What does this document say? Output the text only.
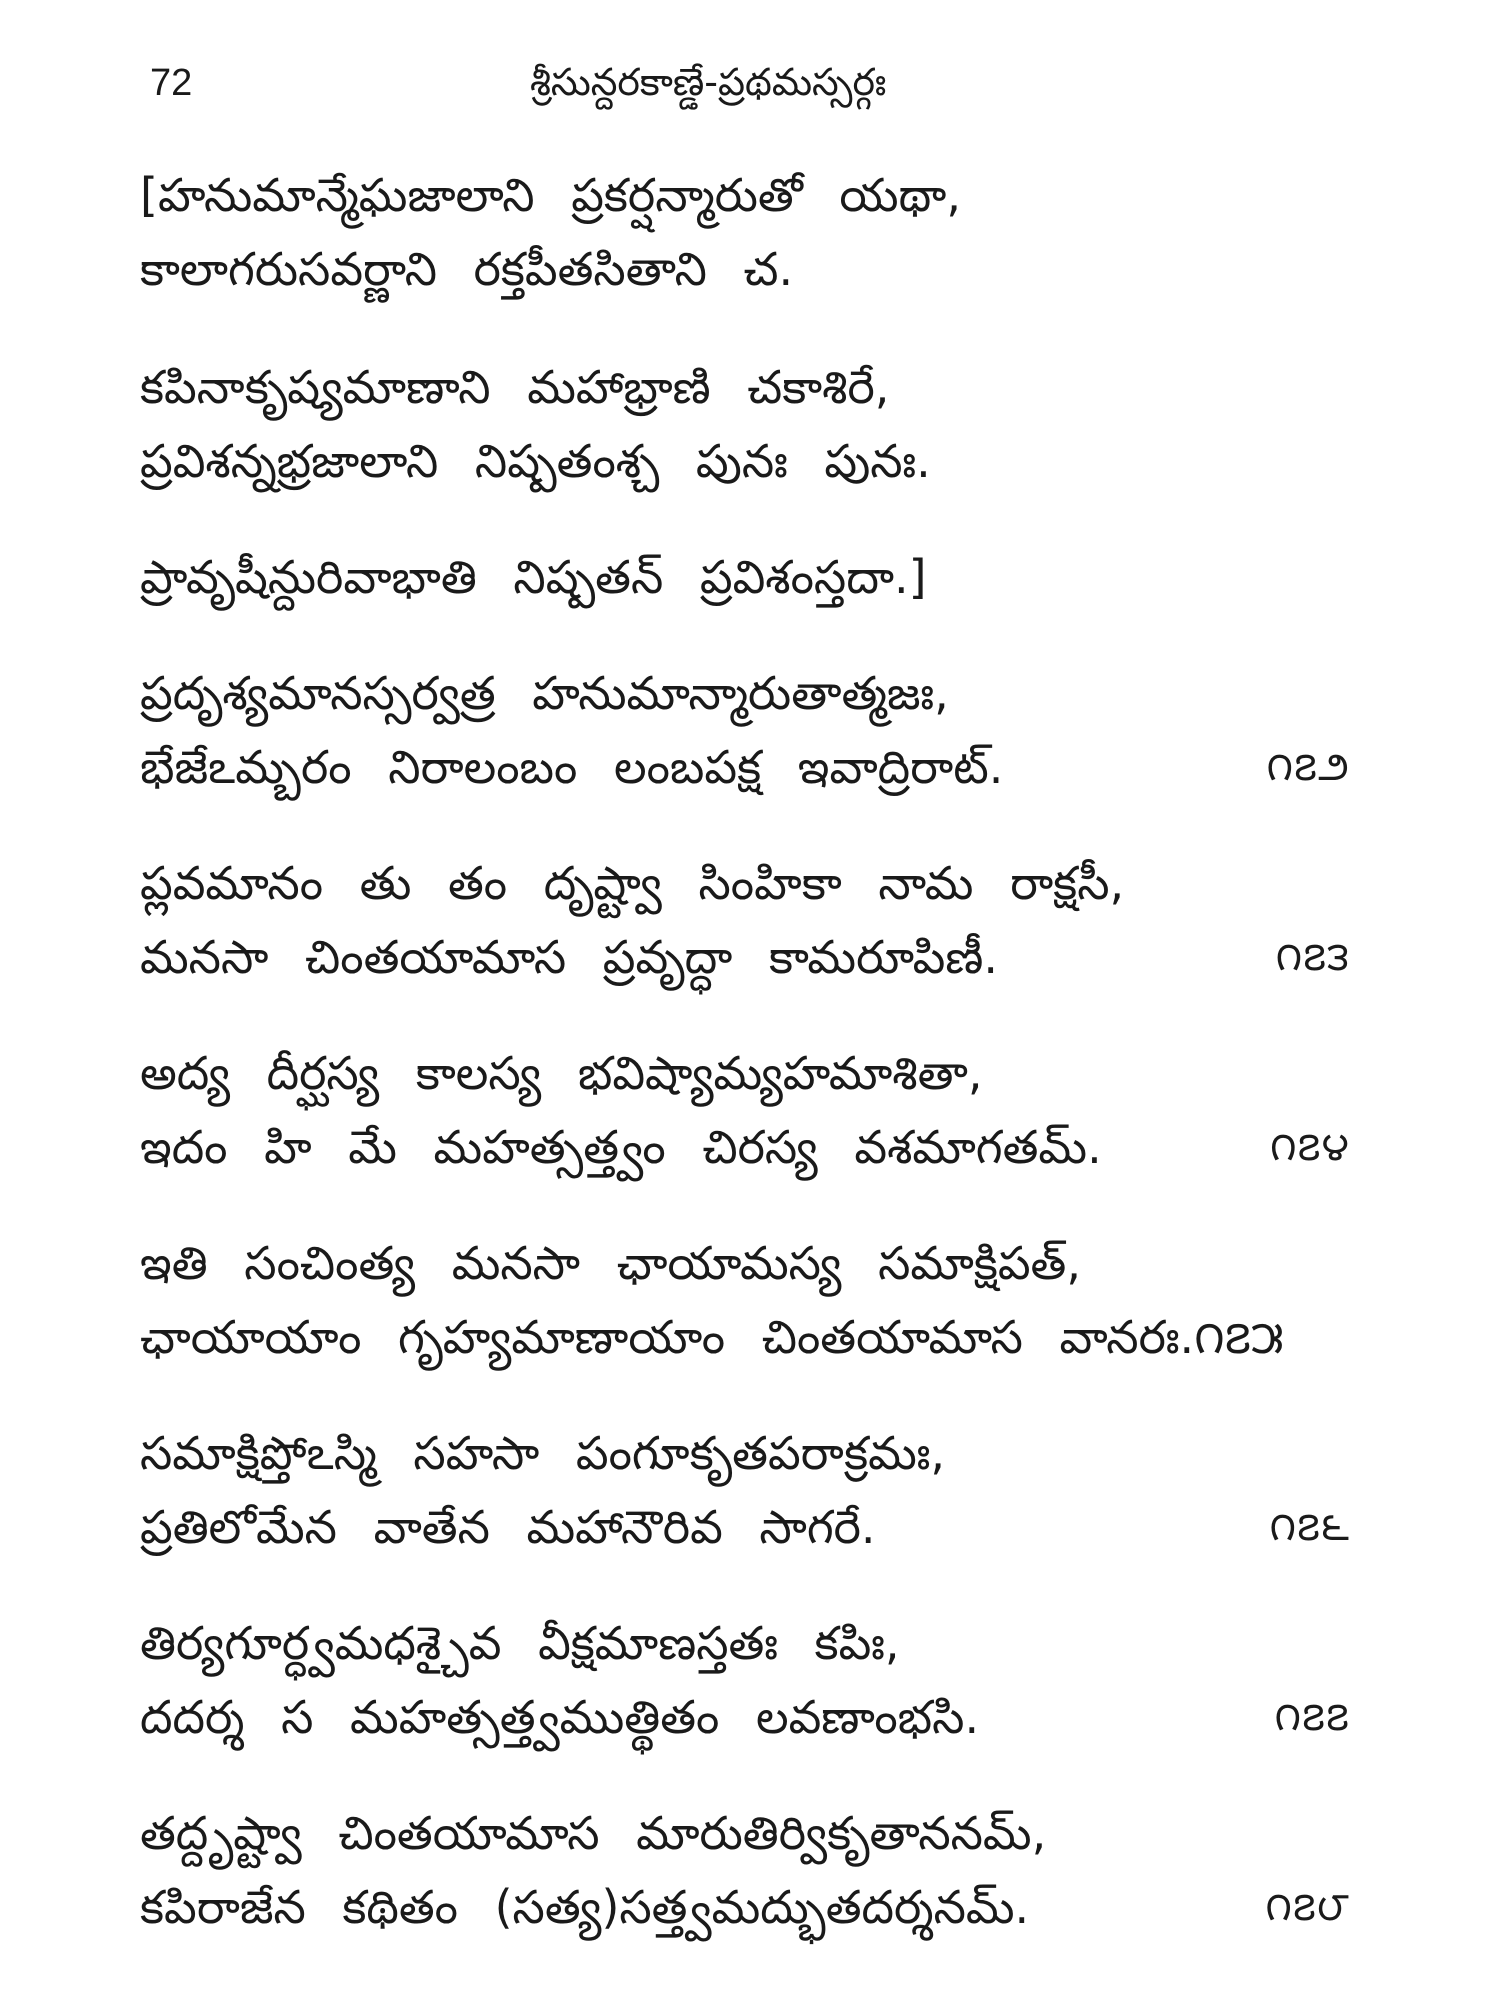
72	శ్రీసున్దరకాణ్డే-ప్రథమస్సర్గః
[హనుమాన్మేఘజాలాని ప్రకర్షన్మారుతో యథా,
కాలాగరుసవర్ణాని రక్తపీతసితాని చ.
కపినాకృష్యమాణాని మహాభ్రాణి చకాశిరే,
ప్రవిశన్నభ్రజాలాని నిష్పతంశ్చ పునః పునః.
ప్రావృషీన్దురివాభాతి నిష్పతన్ ప్రవిశంస్తదా.]
ప్రదృశ్యమానస్సర్వత్ర హనుమాన్మారుతాత్మజః,
భేజేఽమ్బరం నిరాలంబం లంబపక్ష ఇవాద్రిరాట్.	౧౭౨
ప్లవమానం తు తం దృష్ట్వా సింహికా నామ రాక్షసీ,
మనసా చింతయామాస ప్రవృద్ధా కామరూపిణీ.	౧౭౩
అద్య దీర్ఘస్య కాలస్య భవిష్యామ్యహమాశితా,
ఇదం హి మే మహత్సత్త్వం చిరస్య వశమాగతమ్.	౧౭౪
ఇతి సంచింత్య మనసా ఛాయామస్య సమాక్షిపత్,
ఛాయాయాం గృహ్యమాణాయాం చింతయామాస వానరః.౧౭౫
సమాక్షిప్తోఽస్మి సహసా పంగూకృతపరాక్రమః,
ప్రతిలోమేన వాతేన మహానౌరివ సాగరే.	౧౭౬
తిర్యగూర్ధ్వమధశ్చైవ వీక్షమాణస్తతః కపిః,
దదర్శ స మహత్సత్త్వముత్థితం లవణాంభసి.	౧౭౭
తద్దృష్ట్వా చింతయామాస మారుతిర్వికృతాననమ్,
కపిరాజేన కథితం (సత్య)సత్త్వమద్భుతదర్శనమ్.	౧౭౮
